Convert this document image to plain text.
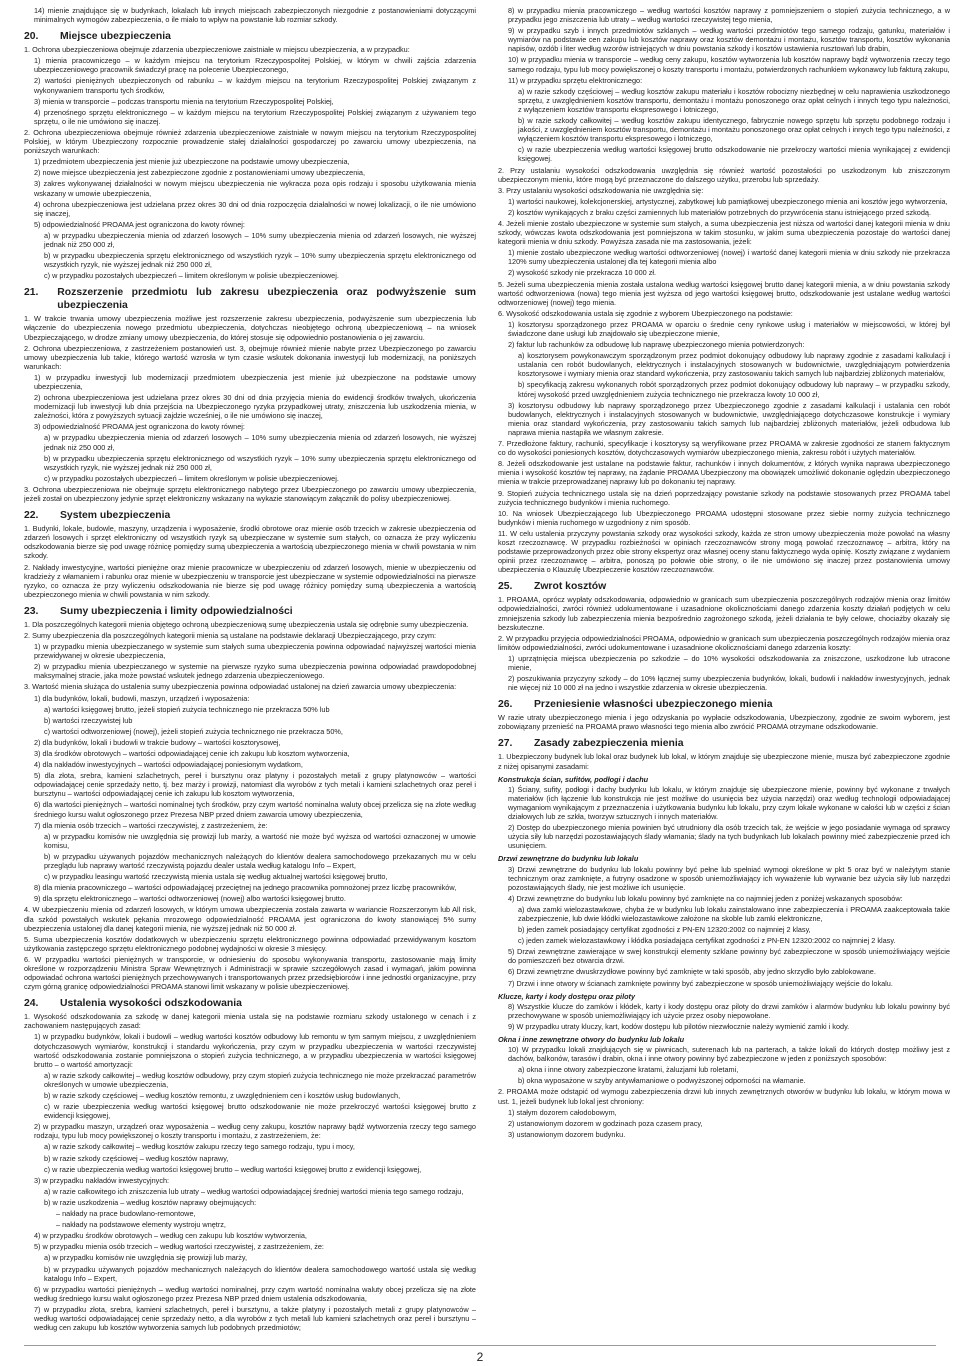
14) mienie znajdujące się w budynkach, lokalach lub innych miejscach zabezpieczonych niezgodnie z postanowieniami dotyczącymi minimalnych wymogów zabezpieczenia, o ile miało to wpływ na powstanie lub rozmiar szkody.
20.	Miejsce ubezpieczenia
1. Ochrona ubezpieczeniowa obejmuje zdarzenia ubezpieczeniowe zaistniałe w miejscu ubezpieczenia, a w przypadku:
1) mienia pracowniczego – w każdym miejscu na terytorium Rzeczypospolitej Polskiej, w którym w chwili zajścia zdarzenia ubezpieczeniowego pracownik świadczył pracę na polecenie Ubezpieczonego,
2) wartości pieniężnych ubezpieczonych od rabunku – w każdym miejscu na terytorium Rzeczypospolitej Polskiej związanym z wykonywaniem transportu tych środków,
3) mienia w transporcie – podczas transportu mienia na terytorium Rzeczypospolitej Polskiej,
4) przenośnego sprzętu elektronicznego – w każdym miejscu na terytorium Rzeczypospolitej Polskiej związanym z używaniem tego sprzętu, o ile nie umówiono się inaczej.
2. Ochrona ubezpieczeniowa obejmuje również zdarzenia ubezpieczeniowe zaistniałe w nowym miejscu na terytorium Rzeczypospolitej Polskiej, w którym Ubezpieczony rozpocznie prowadzenie stałej działalności gospodarczej po zawarciu umowy ubezpieczenia, na poniższych warunkach:
1) przedmiotem ubezpieczenia jest mienie już ubezpieczone na podstawie umowy ubezpieczenia,
2) nowe miejsce ubezpieczenia jest zabezpieczone zgodnie z postanowieniami umowy ubezpieczenia,
3) zakres wykonywanej działalności w nowym miejscu ubezpieczenia nie wykracza poza opis rodzaju i sposobu użytkowania mienia wskazany w umowie ubezpieczenia,
4) ochrona ubezpieczeniowa jest udzielana przez okres 30 dni od dnia rozpoczęcia działalności w nowej lokalizacji, o ile nie umówiono się inaczej,
5) odpowiedzialność PROAMA jest ograniczona do kwoty równej:
a) w przypadku ubezpieczenia mienia od zdarzeń losowych – 10% sumy ubezpieczenia mienia od zdarzeń losowych, nie wyższej jednak niż 250 000 zł,
b) w przypadku ubezpieczenia sprzętu elektronicznego od wszystkich ryzyk – 10% sumy ubezpieczenia sprzętu elektronicznego od wszystkich ryzyk, nie wyższej jednak niż 250 000 zł,
c) w przypadku pozostałych ubezpieczeń – limitem określonym w polisie ubezpieczeniowej.
21.	Rozszerzenie przedmiotu lub zakresu ubezpieczenia oraz podwyższenie sum ubezpieczenia
1. W trakcie trwania umowy ubezpieczenia możliwe jest rozszerzenie zakresu ubezpieczenia, podwyższenie sum ubezpieczenia lub włączenie do ubezpieczenia nowego przedmiotu ubezpieczenia, dotychczas nieobjętego ochroną ubezpieczeniową – na wniosek Ubezpieczającego, w drodze zmiany umowy ubezpieczenia, do której stosuje się odpowiednio postanowienia o jej zawarciu.
2. Ochrona ubezpieczeniowa, z zastrzeżeniem postanowień ust. 3, obejmuje również mienie nabyte przez Ubezpieczonego po zawarciu umowy ubezpieczenia lub takie, którego wartość wzrosła w tym czasie wskutek dokonania inwestycji lub modernizacji, na poniższych warunkach:
1) w przypadku inwestycji lub modernizacji przedmiotem ubezpieczenia jest mienie już ubezpieczone na podstawie umowy ubezpieczenia,
2) ochrona ubezpieczeniowa jest udzielana przez okres 30 dni od dnia przyjęcia mienia do ewidencji środków trwałych, ukończenia modernizacji lub inwestycji lub dnia przejścia na Ubezpieczonego ryzyka przypadkowej utraty, zniszczenia lub uszkodzenia mienia, w zależności, która z powyższych sytuacji zajdzie wcześniej, o ile nie umówiono się inaczej,
3) odpowiedzialność PROAMA jest ograniczona do kwoty równej:
a) w przypadku ubezpieczenia mienia od zdarzeń losowych – 10% sumy ubezpieczenia mienia od zdarzeń losowych, nie wyższej jednak niż 250 000 zł,
b) w przypadku ubezpieczenia sprzętu elektronicznego od wszystkich ryzyk – 10% sumy ubezpieczenia sprzętu elektronicznego od wszystkich ryzyk, nie wyższej jednak niż 250 000 zł,
c) w przypadku pozostałych ubezpieczeń – limitem określonym w polisie ubezpieczeniowej.
3. Ochrona ubezpieczeniowa nie obejmuje sprzętu elektronicznego nabytego przez Ubezpieczonego po zawarciu umowy ubezpieczenia, jeżeli został on ubezpieczony jedynie sprzęt elektroniczny wskazany na wykazie stanowiącym załącznik do polisy ubezpieczeniowej.
22.	System ubezpieczenia
1. Budynki, lokale, budowle, maszyny, urządzenia i wyposażenie, środki obrotowe oraz mienie osób trzecich w zakresie ubezpieczenia od zdarzeń losowych i sprzęt elektroniczny od wszystkich ryzyk są ubezpieczane w systemie sum stałych, co oznacza że przy wyliczeniu odszkodowania bierze się pod uwagę różnicę pomiędzy sumą ubezpieczenia a wartością ubezpieczonego mienia w chwili powstania w nim szkody.
2. Nakłady inwestycyjne, wartości pieniężne oraz mienie pracownicze w ubezpieczeniu od zdarzeń losowych, mienie w ubezpieczeniu od kradzieży z włamaniem i rabunku oraz mienie w ubezpieczeniu w transporcie jest ubezpieczane w systemie odpowiedzialności na pierwsze ryzyko, co oznacza że przy wyliczeniu odszkodowania nie bierze się pod uwagę różnicy pomiędzy sumą ubezpieczenia a wartością ubezpieczonego mienia w chwili powstania w nim szkody.
23.	Sumy ubezpieczenia i limity odpowiedzialności
1. Dla poszczególnych kategorii mienia objętego ochroną ubezpieczeniową sumę ubezpieczenia ustala się odrębnie sumy ubezpieczenia.
2. Sumy ubezpieczenia dla poszczególnych kategorii mienia są ustalane na podstawie deklaracji Ubezpieczającego, przy czym:
1) w przypadku mienia ubezpieczanego w systemie sum stałych suma ubezpieczenia powinna odpowiadać najwyższej wartości mienia przewidywanej w okresie ubezpieczenia,
2) w przypadku mienia ubezpieczanego w systemie na pierwsze ryzyko suma ubezpieczenia powinna odpowiadać prawdopodobnej maksymalnej stracie, jaka może powstać wskutek jednego zdarzenia ubezpieczeniowego.
3. Wartość mienia służąca do ustalenia sumy ubezpieczenia powinna odpowiadać ustalonej na dzień zawarcia umowy ubezpieczenia:
1) dla budynków, lokali, budowli, maszyn, urządzeń i wyposażenia:
a) wartości księgowej brutto, jeżeli stopień zużycia technicznego nie przekracza 50% lub
b) wartości rzeczywistej lub
c) wartości odtworzeniowej (nowej), jeżeli stopień zużycia technicznego nie przekracza 50%,
2) dla budynków, lokali i budowli w trakcie budowy – wartości kosztorysowej,
3) dla środków obrotowych – wartości odpowiadającej cenie ich zakupu lub kosztom wytworzenia,
4) dla nakładów inwestycyjnych – wartości odpowiadającej poniesionym wydatkom,
5) dla złota, srebra, kamieni szlachetnych, pereł i bursztynu oraz platyny i pozostałych metali z grupy platynowców – wartości odpowiadającej cenie sprzedaży netto, tj. bez marży i prowizji, natomiast dla wyrobów z tych metali i kamieni szlachetnych oraz pereł i bursztynu – wartości odpowiadającej cenie ich zakupu lub kosztom wytworzenia,
6) dla wartości pieniężnych – wartości nominalnej tych środków, przy czym wartość nominalna waluty obcej przelicza się na złote według średniego kursu walut ogłoszonego przez Prezesa NBP przed dniem zawarcia umowy ubezpieczenia,
7) dla mienia osób trzecich – wartości rzeczywistej, z zastrzeżeniem, że:
a) w przypadku komisów nie uwzględnia się prowizji lub marży, a wartość nie może być wyższa od wartości oznaczonej w umowie komisu,
b) w przypadku używanych pojazdów mechanicznych należących do klientów dealera samochodowego przekazanych mu w celu przeglądu lub naprawy wartość rzeczywistą pojazdu dealer ustala według katalogu Info – Expert,
c) w przypadku leasingu wartość rzeczywistą mienia ustala się według aktualnej wartości księgowej brutto,
8) dla mienia pracowniczego – wartości odpowiadającej przeciętnej na jednego pracownika pomnożonej przez liczbę pracowników,
9) dla sprzętu elektronicznego – wartości odtworzeniowej (nowej) albo wartości księgowej brutto.
4. W ubezpieczeniu mienia od zdarzeń losowych, w którym umowa ubezpieczenia została zawarta w wariancie Rozszerzonym lub All risk, dla szkód powstałych wskutek pękania mrozowego odpowiedzialność PROAMA jest ograniczona do kwoty stanowiącej 5% sumy ubezpieczenia ustalonej dla danej kategorii mienia, nie wyższej jednak niż 50 000 zł.
5. Suma ubezpieczenia kosztów dodatkowych w ubezpieczeniu sprzętu elektronicznego powinna odpowiadać przewidywanym kosztom użytkowania zastępczego sprzętu elektronicznego podobnej wydajności w okresie 3 miesięcy.
6. W przypadku wartości pieniężnych w transporcie, w odniesieniu do sposobu wykonywania transportu, zastosowanie mają limity określone w rozporządzeniu Ministra Spraw Wewnętrznych i Administracji w sprawie szczegółowych zasad i wymagań, jakim powinna odpowiadać ochrona wartości pieniężnych przechowywanych i transportowanych przez przedsiębiorców i inne jednostki organizacyjne, przy czym górną granicę odpowiedzialności PROAMA stanowi limit wskazany w polisie ubezpieczeniowej.
24.	Ustalenia wysokości odszkodowania
1. Wysokość odszkodowania za szkodę w danej kategorii mienia ustala się na podstawie rozmiaru szkody ustalonego w cenach i z zachowaniem następujących zasad:
1) w przypadku budynków, lokali i budowli – według wartości kosztów odbudowy lub remontu w tym samym miejscu, z uwzględnieniem dotychczasowych wymiarów, konstrukcji i standardu wykończenia, przy czym w przypadku ubezpieczenia w wartości rzeczywistej wartość odszkodowania zostanie pomniejszona o stopień zużycia technicznego, a w przypadku ubezpieczenia w wartości księgowej brutto – o wartość amortyzacji:
a) w razie szkody całkowitej – według kosztów odbudowy, przy czym stopień zużycia technicznego nie może przekraczać parametrów określonych w umowie ubezpieczenia,
b) w razie szkody częściowej – według kosztów remontu, z uwzględnieniem cen i kosztów usług budowlanych,
c) w razie ubezpieczenia według wartości księgowej brutto odszkodowanie nie może przekroczyć wartości księgowej brutto z ewidencji księgowej,
2) w przypadku maszyn, urządzeń oraz wyposażenia – według ceny zakupu, kosztów naprawy bądź wytworzenia rzeczy tego samego rodzaju, typu lub mocy powiększonej o koszty transportu i montażu, z zastrzeżeniem, że:
a) w razie szkody całkowitej – według kosztów zakupu rzeczy tego samego rodzaju, typu i mocy,
b) w razie szkody częściowej – według kosztów naprawy,
c) w razie ubezpieczenia według wartości księgowej brutto – według wartości księgowej brutto z ewidencji księgowej,
3) w przypadku nakładów inwestycyjnych:
a) w razie całkowitego ich zniszczenia lub utraty – według wartości odpowiadającej średniej wartości mienia tego samego rodzaju,
b) w razie uszkodzenia – według kosztów naprawy obejmujących:
– nakłady na prace budowlano-remontowe,
– nakłady na podstawowe elementy wystroju wnętrz,
4) w przypadku środków obrotowych – według cen zakupu lub kosztów wytworzenia,
5) w przypadku mienia osób trzecich – według wartości rzeczywistej, z zastrzeżeniem, że:
a) w przypadku komisów nie uwzględnia się prowizji lub marży,
b) w przypadku używanych pojazdów mechanicznych należących do klientów dealera samochodowego wartość ustala się według katalogu Info – Expert,
6) w przypadku wartości pieniężnych – według wartości nominalnej, przy czym wartość nominalna waluty obcej przelicza się na złote według średniego kursu walut ogłoszonego przez Prezesa NBP przed dniem ustalenia odszkodowania,
7) w przypadku złota, srebra, kamieni szlachetnych, pereł i bursztynu, a także platyny i pozostałych metali z grupy platynowców – według wartości odpowiadającej cenie sprzedaży netto, a dla wyrobów z tych metali lub kamieni szlachetnych oraz pereł i bursztynu – według cen zakupu lub kosztów wytworzenia samych lub podobnych przedmiotów;
8) w przypadku mienia pracowniczego – według wartości kosztów naprawy z pomniejszeniem o stopień zużycia technicznego, a w przypadku jego zniszczenia lub utraty – według wartości rzeczywistej tego mienia,
9) w przypadku szyb i innych przedmiotów szklanych – według wartości przedmiotów tego samego rodzaju, gatunku, materiałów i wymiarów na podstawie cen zakupu lub kosztów naprawy oraz kosztów demontażu i montażu, kosztów transportu, kosztów wykonania napisów, ozdób i liter według wzorów istniejących w dniu powstania szkody i kosztów ustawienia rusztowań lub drabin,
10) w przypadku mienia w transporcie – według ceny zakupu, kosztów wytworzenia lub kosztów naprawy bądź wytworzenia rzeczy tego samego rodzaju, typu lub mocy powiększonej o koszty transportu i montażu, potwierdzonych rachunkiem wykonawcy lub fakturą zakupu,
11) w przypadku sprzętu elektronicznego:
a) w razie szkody częściowej – według kosztów zakupu materiału i kosztów robocizny niezbędnej w celu naprawienia uszkodzonego sprzętu, z uwzględnieniem kosztów transportu, demontażu i montażu ponoszonego oraz opłat celnych i innych tego typu należności, z wyłączeniem kosztów transportu ekspresowego i lotniczego,
b) w razie szkody całkowitej – według kosztów zakupu identycznego, fabrycznie nowego sprzętu lub sprzętu podobnego rodzaju i jakości, z uwzględnieniem kosztów transportu, demontażu i montażu ponoszonego oraz opłat celnych i innych tego typu należności, z wyłączeniem kosztów transportu ekspresowego i lotniczego,
c) w razie ubezpieczenia według wartości księgowej brutto odszkodowanie nie przekroczy wartości mienia wynikającej z ewidencji księgowej.
2. Przy ustalaniu wysokości odszkodowania uwzględnia się również wartość pozostałości po uszkodzonym lub zniszczonym ubezpieczonym mieniu, które mogą być przeznaczone do dalszego użytku, przerobu lub sprzedaży.
3. Przy ustalaniu wysokości odszkodowania nie uwzględnia się:
1) wartości naukowej, kolekcjonerskiej, artystycznej, zabytkowej lub pamiątkowej ubezpieczonego mienia ani kosztów jego wytworzenia,
2) kosztów wynikających z braku części zamiennych lub materiałów potrzebnych do przywrócenia stanu istniejącego przed szkodą.
4. Jeżeli mienie zostało ubezpieczone w systemie sum stałych, a suma ubezpieczenia jest niższa od wartości danej kategorii mienia w dniu szkody, wówczas kwota odszkodowania jest pomniejszona w takim stosunku, w jakim suma ubezpieczenia pozostaje do wartości danej kategorii mienia w dniu szkody. Powyższa zasada nie ma zastosowania, jeżeli:
1) mienie zostało ubezpieczone według wartości odtworzeniowej (nowej) i wartość danej kategorii mienia w dniu szkody nie przekracza 120% sumy ubezpieczenia ustalonej dla tej kategorii mienia albo
2) wysokość szkody nie przekracza 10 000 zł.
5. Jeżeli suma ubezpieczenia mienia została ustalona według wartości księgowej brutto danej kategorii mienia, a w dniu powstania szkody wartość odtworzeniowa (nowa) tego mienia jest wyższa od jego wartości księgowej brutto, odszkodowanie jest ustalane według wartości odtworzeniowej (nowej) tego mienia.
6. Wysokość odszkodowania ustala się zgodnie z wyborem Ubezpieczonego na podstawie:
1) kosztorysu sporządzonego przez PROAMA w oparciu o średnie ceny rynkowe usług i materiałów w miejscowości, w której był świadczone dane usługi lub znajdowało się ubezpieczone mienie,
2) faktur lub rachunków za odbudowę lub naprawę ubezpieczonego mienia potwierdzonych:
a) kosztorysem powykonawczym sporządzonym przez podmiot dokonujący odbudowy lub naprawy zgodnie z zasadami kalkulacji i ustalania cen robót budowlanych, elektrycznych i instalacyjnych stosowanych w budownictwie, uwzględniającym potwierdzenia kosztorysowe i wymiary mienia oraz standard wykończenia, przy zastosowaniu takich samych lub najbardziej zbliżonych materiałów,
b) specyfikacją zakresu wykonanych robót sporządzonych przez podmiot dokonujący odbudowy lub naprawy – w przypadku szkody, której wysokość przed uwzględnieniem zużycia technicznego nie przekracza kwoty 10 000 zł,
3) kosztorysu odbudowy lub naprawy sporządzonego przez Ubezpieczonego zgodnie z zasadami kalkulacji i ustalania cen robót budowlanych, elektrycznych i instalacyjnych stosowanych w budownictwie, uwzględniającego dotychczasowe konstrukcje i wymiary mienia oraz standard wykończenia, przy zastosowaniu takich samych lub najbardziej zbliżonych materiałów, jeżeli odbudowa lub naprawa mienia nastąpiła we własnym zakresie.
7. Przedłożone faktury, rachunki, specyfikacje i kosztorysy są weryfikowane przez PROAMA w zakresie zgodności ze stanem faktycznym co do wysokości poniesionych kosztów, dotychczasowych wymiarów ubezpieczonego mienia, zakresu robót i użytych materiałów.
8. Jeżeli odszkodowanie jest ustalane na podstawie faktur, rachunków i innych dokumentów, z których wynika naprawa ubezpieczonego mienia i wysokość kosztów tej naprawy, na żądanie PROAMA Ubezpieczony ma obowiązek umożliwić dokonanie oględzin ubezpieczonego mienia w trakcie przeprowadzanej naprawy lub po dokonaniu tej naprawy.
9. Stopień zużycia technicznego ustala się na dzień poprzedzający powstanie szkody na podstawie stosowanych przez PROAMA tabel zużycia technicznego budynków i mienia ruchomego.
10. Na wniosek Ubezpieczającego lub Ubezpieczonego PROAMA udostępni stosowane przez siebie normy zużycia technicznego budynków i mienia ruchomego w uzgodniony z nim sposób.
11. W celu ustalenia przyczyny powstania szkody oraz wysokości szkody, każda ze stron umowy ubezpieczenia może powołać na własny koszt rzeczoznawcę. W przypadku rozbieżności w opiniach rzeczoznawców strony mogą powołać rzeczoznawcę – arbitra, który na podstawie przeprowadzonych przez obie strony ekspertyz oraz własnej oceny stanu faktycznego wyda opinię. Koszty związane z wydaniem opinii przez rzeczoznawcę – arbitra, ponoszą po połowie obie strony, o ile nie umówiono się inaczej przez postanowienia umowy ubezpieczenia o Klauzulę Ubezpieczenie kosztów rzeczoznawców.
25.	Zwrot kosztów
1. PROAMA, oprócz wypłaty odszkodowania, odpowiednio w granicach sum ubezpieczenia poszczególnych rodzajów mienia oraz limitów odpowiedzialności, zwróci również udokumentowane i uzasadnione okolicznościami danego zdarzenia koszty działań podjętych w celu zmniejszenia szkody lub zabezpieczenia mienia bezpośrednio zagrożonego szkodą, jeżeli działania te były celowe, chociażby okazały się bezskuteczne.
2. W przypadku przyjęcia odpowiedzialności PROAMA, odpowiednio w granicach sum ubezpieczenia poszczególnych rodzajów mienia oraz limitów odpowiedzialności, zwróci udokumentowane i uzasadnione okolicznościami danego zdarzenia koszty:
1) uprzątnięcia miejsca ubezpieczenia po szkodzie – do 10% wysokości odszkodowania za zniszczone, uszkodzone lub utracone mienie,
2) poszukiwania przyczyny szkody – do 10% łącznej sumy ubezpieczenia budynków, lokali, budowli i nakładów inwestycyjnych, jednak nie więcej niż 10 000 zł na jedno i wszystkie zdarzenia w okresie ubezpieczenia.
26.	Przeniesienie własności ubezpieczonego mienia
W razie utraty ubezpieczonego mienia i jego odzyskania po wypłacie odszkodowania, Ubezpieczony, zgodnie ze swoim wyborem, jest zobowiązany przenieść na PROAMA prawo własności tego mienia albo zwrócić PROAMA otrzymane odszkodowanie.
27.	Zasady zabezpieczenia mienia
1. Ubezpieczony budynek lub lokal oraz budynek lub lokal, w którym znajduje się ubezpieczone mienie, musza być zabezpieczone zgodnie z niżej opisanymi zasadami:
Konstrukcja ścian, sufitów, podłogi i dachu
1) Ściany, sufity, podłogi i dachy budynku lub lokalu, w którym znajduje się ubezpieczone mienie, powinny być wykonane z trwałych materiałów (ich łączenie lub konstrukcja nie jest możliwe do usunięcia bez użycia narzędzi) oraz według technologii odpowiadającej wymaganiom wynikającym z przeznaczenia i użytkowania budynku lub lokalu, przy czym lokale wykonane w całości lub w części z ścian działowych lub ze szkła, tworzyw sztucznych i innych materiałów.
2) Dostęp do ubezpieczonego mienia powinien być utrudniony dla osób trzecich tak, że wejście w jego posiadanie wymaga od sprawcy użycia siły lub narzędzi pozostawiających ślady włamania; ślady na tych budynkach lub lokalach powinny mieć zabezpieczenie przed ich usunięciem.
Drzwi zewnętrzne do budynku lub lokalu
3) Drzwi zewnętrzne do budynku lub lokalu powinny być pełne lub spełniać wymogi określone w pkt 5 oraz być w należytym stanie technicznym oraz zamknięte, a futryny osadzone w sposób uniemożliwiający ich wyważenie lub wyrwanie bez użycia siły lub narzędzi pozostawiających ślady, nie jest możliwe ich usunięcie.
4) Drzwi zewnętrzne do budynku lub lokalu powinny być zamknięte na co najmniej jeden z poniżej wskazanych sposobów:
a) dwa zamki wielozastawkowe, chyba że w budynku lub lokalu zainstalowano inne zabezpieczenia i PROAMA zaakceptowała takie zabezpieczenie, lub dwie kłódki wielozastawkowe założone na skoble lub zamki elektroniczne,
b) jeden zamek posiadający certyfikat zgodności z PN-EN 12320:2002 co najmniej 2 klasy,
c) jeden zamek wielozastawkowy i kłódka posiadająca certyfikat zgodności z PN-EN 12320:2002 co najmniej 2 klasy.
5) Drzwi zewnętrzne zawierające w swej konstrukcji elementy szklane powinny być zabezpieczone w sposób uniemożliwiający wejście do pomieszczeń bez otwarcia drzwi.
6) Drzwi zewnętrzne dwuskrzydłowe powinny być zamknięte w taki sposób, aby jedno skrzydło było zablokowane.
7) Drzwi i inne otwory w ścianach zamknięte powinny być zabezpieczone w sposób uniemożliwiający wejście do lokalu.
Klucze, karty i kody dostępu oraz piloty
8) Wszystkie klucze do zamków i kłódek, karty i kody dostępu oraz piloty do drzwi zamków i alarmów budynku lub lokalu powinny być przechowywane w sposób uniemożliwiający ich użycie przez osoby niepowołane.
9) W przypadku utraty kluczy, kart, kodów dostępu lub pilotów niezwłocznie należy wymienić zamki i kody.
Okna i inne zewnętrzne otwory do budynku lub lokalu
10) W przypadku lokali znajdujących się w piwnicach, suterenach lub na parterach, a także lokali do których dostęp możliwy jest z dachów, balkonów, tarasów i drabin, okna i inne otwory powinny być zabezpieczone w jeden z poniższych sposobów:
a) okna i inne otwory zabezpieczone kratami, żaluzjami lub roletami,
b) okna wyposażone w szyby antywłamaniowe o podwyższonej odporności na włamanie.
2. PROAMA może odstąpić od wymogu zabezpieczenia drzwi lub innych zewnętrznych otworów w budynku lub lokalu, w którym mowa w ust. 1, jeżeli budynek lub lokal jest chroniony:
1) stałym dozorem całodobowym,
2) ustanowionym dozorem w godzinach poza czasem pracy,
3) ustanowionym dozorem budynku.
2
